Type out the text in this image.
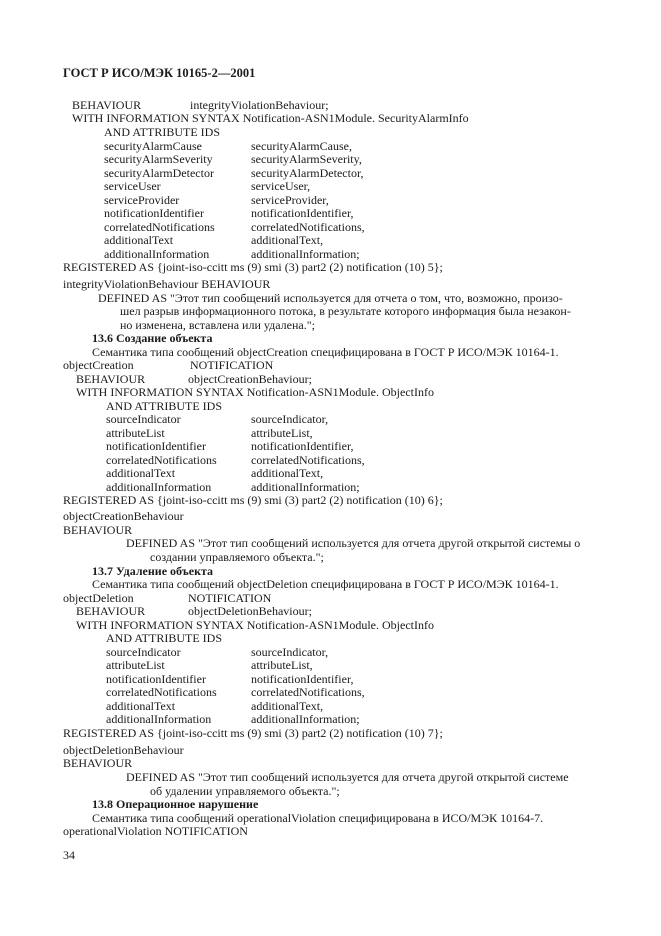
ГОСТ Р ИСО/МЭК 10165-2—2001
BEHAVIOUR	integrityViolationBehaviour;
WITH INFORMATION SYNTAX Notification-ASN1Module. SecurityAlarmInfo
AND ATTRIBUTE IDS
securityAlarmCause	securityAlarmCause,
securityAlarmSeverity	securityAlarmSeverity,
securityAlarmDetector	securityAlarmDetector,
serviceUser	serviceUser,
serviceProvider	serviceProvider,
notificationIdentifier	notificationIdentifier,
correlatedNotifications	correlatedNotifications,
additionalText	additionalText,
additionalInformation	additionalInformation;
REGISTERED AS {joint-iso-ccitt ms (9) smi (3) part2 (2) notification (10) 5};
integrityViolationBehaviour BEHAVIOUR
DEFINED AS "Этот тип сообщений используется для отчета о том, что, возможно, произо-
шел разрыв информационного потока, в результате которого информация была незакон-
но изменена, вставлена или удалена.";
13.6 Создание объекта
Семантика типа сообщений objectCreation специфицирована в ГОСТ Р ИСО/МЭК 10164-1.
objectCreation	NOTIFICATION
BEHAVIOUR	objectCreationBehaviour;
WITH INFORMATION SYNTAX Notification-ASN1Module. ObjectInfo
AND ATTRIBUTE IDS
sourceIndicator	sourceIndicator,
attributeList	attributeList,
notificationIdentifier	notificationIdentifier,
correlatedNotifications	correlatedNotifications,
additionalText	additionalText,
additionalInformation	additionalInformation;
REGISTERED AS {joint-iso-ccitt ms (9) smi (3) part2 (2) notification (10) 6};
objectCreationBehaviour
BEHAVIOUR
DEFINED AS "Этот тип сообщений используется для отчета другой открытой системы о
создании управляемого объекта.";
13.7 Удаление объекта
Семантика типа сообщений objectDeletion специфицирована в ГОСТ Р ИСО/МЭК 10164-1.
objectDeletion	NOTIFICATION
BEHAVIOUR	objectDeletionBehaviour;
WITH INFORMATION SYNTAX Notification-ASN1Module. ObjectInfo
AND ATTRIBUTE IDS
sourceIndicator	sourceIndicator,
attributeList	attributeList,
notificationIdentifier	notificationIdentifier,
correlatedNotifications	correlatedNotifications,
additionalText	additionalText,
additionalInformation	additionalInformation;
REGISTERED AS {joint-iso-ccitt ms (9) smi (3) part2 (2) notification (10) 7};
objectDeletionBehaviour
BEHAVIOUR
DEFINED AS "Этот тип сообщений используется для отчета другой открытой системе
об удалении управляемого объекта.";
13.8 Операционное нарушение
Семантика типа сообщений operationalViolation специфицирована в ИСО/МЭК 10164-7.
operationalViolation NOTIFICATION
34
